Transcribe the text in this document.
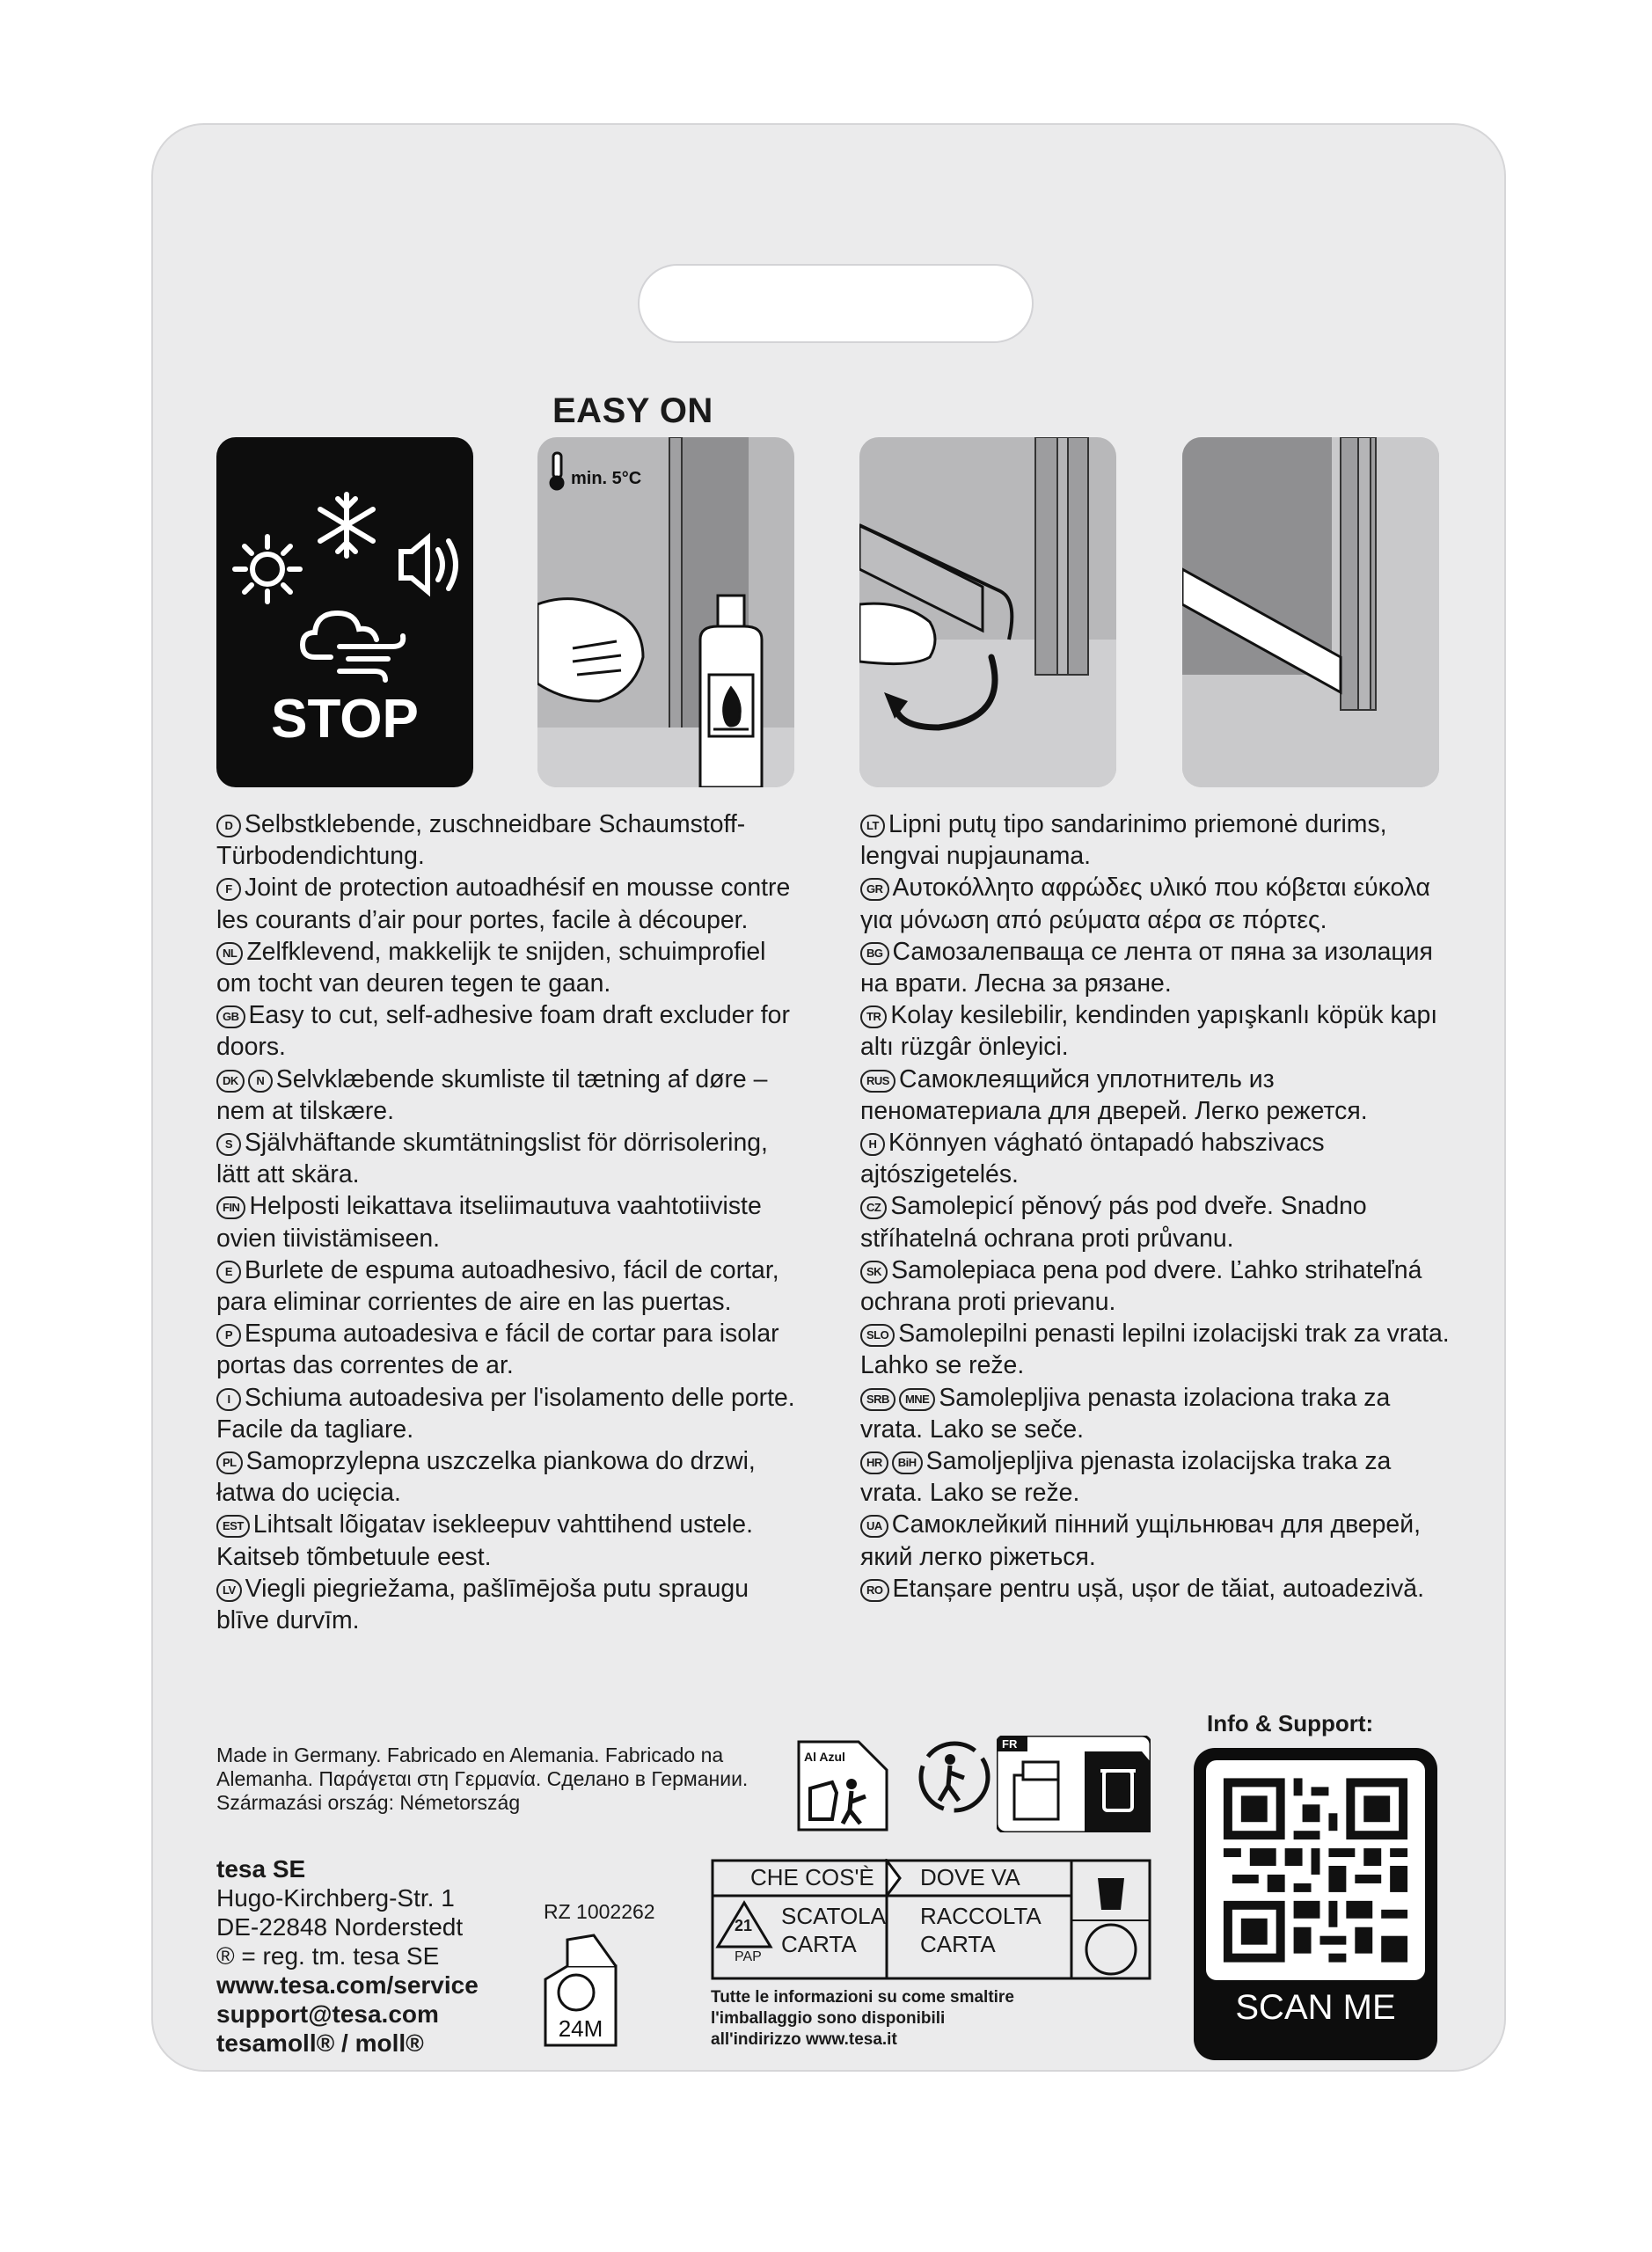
EASY ON
STOP
min. 5°C

D Selbstklebende, zuschneidbare Schaumstoff-Türbodendichtung.

F Joint de protection autoadhésif en mousse contre les courants d’air pour portes, facile à découper.

NL Zelfklevend, makkelijk te snijden, schuimprofiel om tocht van deuren tegen te gaan.

GB Easy to cut, self-adhesive foam draft excluder for doors.

DK N Selvklæbende skumliste til tætning af døre – nem at tilskære.

S Självhäftande skumtätningslist för dörrisolering, lätt att skära.

FIN Helposti leikattava itseliimautuva vaahtotiiviste ovien tiivistämiseen.

E Burlete de espuma autoadhesivo, fácil de cortar, para eliminar corrientes de aire en las puertas.

P Espuma autoadesiva e fácil de cortar para isolar portas das correntes de ar.

I Schiuma autoadesiva per l'isolamento delle porte. Facile da tagliare.

PL Samoprzylepna uszczelka piankowa do drzwi, łatwa do ucięcia.

EST Lihtsalt lõigatav isekleepuv vahttihend ustele. Kaitseb tõmbetuule eest.

LV Viegli piegriežama, pašlīmējoša putu spraugu blīve durvīm.

LT Lipni putų tipo sandarinimo priemonė durims, lengvai nupjaunama.

GR Αυτοκόλλητο αφρώδες υλικό που κόβεται εύκολα για μόνωση από ρεύματα αέρα σε πόρτες.

BG Самозалепваща се лента от пяна за изолация на врати. Лесна за рязане.

TR Kolay kesilebilir, kendinden yapışkanlı köpük kapı altı rüzgâr önleyici.

RUS Самоклеящийся уплотнитель из пеноматериала для дверей. Легко режется.

H Könnyen vágható öntapadó habszivacs ajtószigetelés.

CZ Samolepicí pěnový pás pod dveře. Snadno stříhatelná ochrana proti průvanu.

SK Samolepiaca pena pod dvere. Ľahko strihateľná ochrana proti prievanu.

SLO Samolepilni penasti lepilni izolacijski trak za vrata. Lahko se reže.

SRB MNE Samolepljiva penasta izolaciona traka za vrata. Lako se seče.

HR BiH Samoljepljiva pjenasta izolacijska traka za vrata. Lako se reže.

UA Самоклейкий пінний ущільнювач для дверей, який легко ріжеться.

RO Etanșare pentru ușă, ușor de tăiat, autoadezivă.

Made in Germany. Fabricado en Alemania. Fabricado na Alemanha. Παράγεται στη Γερμανία. Сделано в Германии. Származási ország: Németország
tesa SE
Hugo-Kirchberg-Str. 1
DE-22848 Norderstedt
® = reg. tm. tesa SE
www.tesa.com/service
support@tesa.com
tesamoll® / moll®
RZ 1002262
24M
Al Azul
FR
CHE COS'È DOVE VA
21
PAP
SCATOLA
CARTA
RACCOLTA
CARTA
Tutte le informazioni su come smaltire l'imballaggio sono disponibili all'indirizzo www.tesa.it
Info & Support:
SCAN ME
